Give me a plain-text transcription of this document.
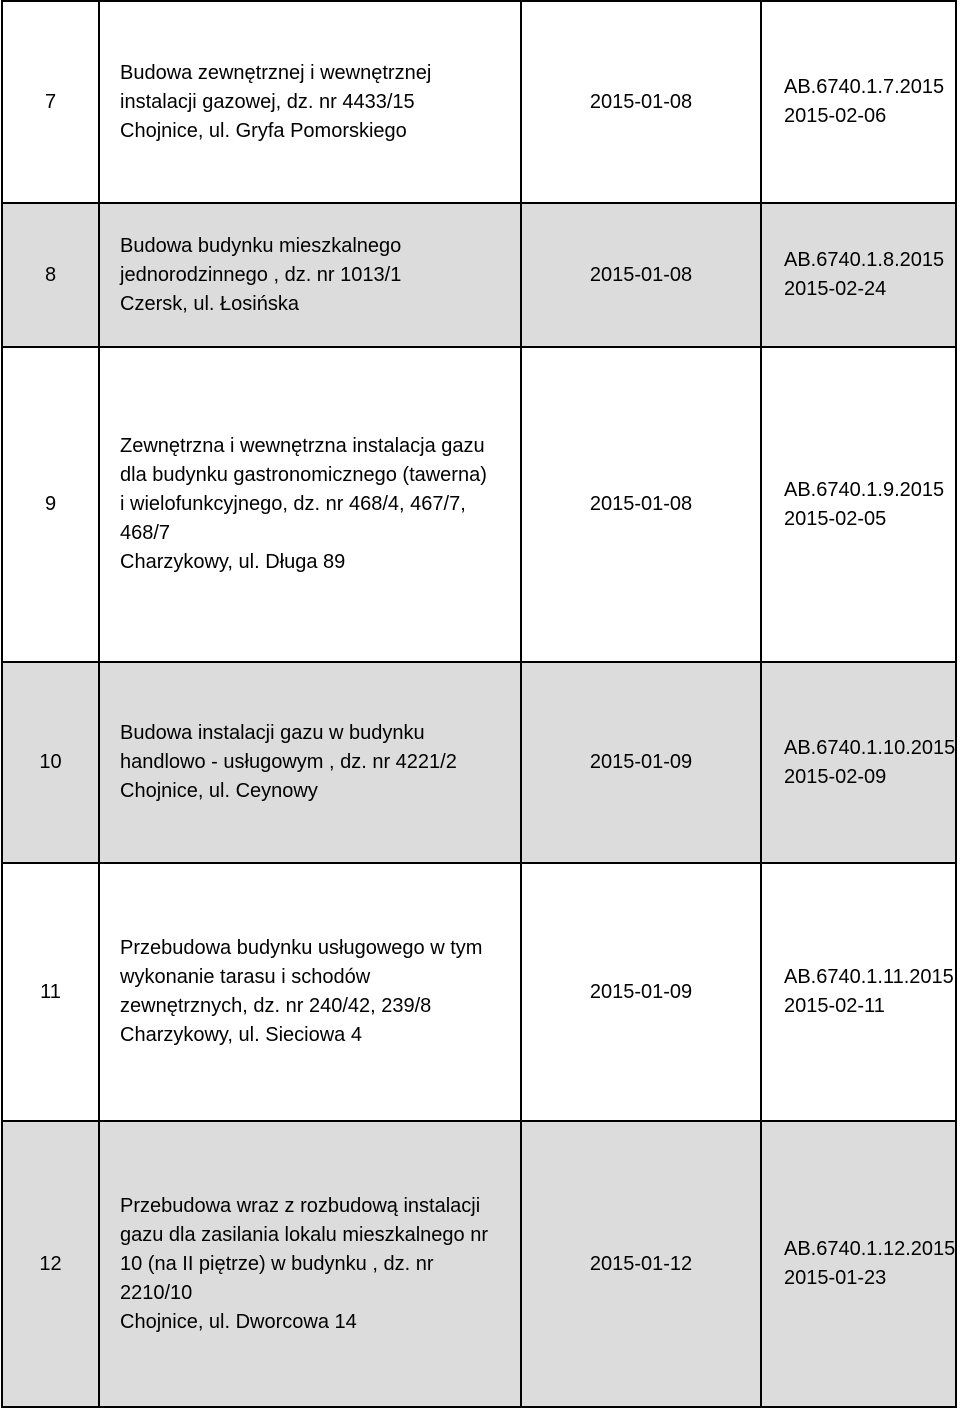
7	Budowa zewnętrznej i wewnętrznej
instalacji gazowej, dz. nr 4433/15
Chojnice, ul. Gryfa Pomorskiego	2015-01-08	AB.6740.1.7.2015
2015-02-06

8	Budowa budynku mieszkalnego
jednorodzinnego , dz. nr 1013/1
Czersk, ul. Łosińska	2015-01-08	AB.6740.1.8.2015
2015-02-24

9	Zewnętrzna i wewnętrzna instalacja gazu
dla budynku gastronomicznego (tawerna)
i wielofunkcyjnego, dz. nr 468/4, 467/7,
468/7
Charzykowy, ul. Długa 89	2015-01-08	AB.6740.1.9.2015
2015-02-05

10	Budowa instalacji gazu w budynku
handlowo - usługowym , dz. nr 4221/2
Chojnice, ul. Ceynowy	2015-01-09	AB.6740.1.10.2015
2015-02-09

11	Przebudowa budynku usługowego w tym
wykonanie tarasu i schodów
zewnętrznych, dz. nr 240/42, 239/8
Charzykowy, ul. Sieciowa 4	2015-01-09	AB.6740.1.11.2015
2015-02-11

12	Przebudowa wraz z rozbudową instalacji
gazu dla zasilania lokalu mieszkalnego nr
10 (na II piętrze) w budynku , dz. nr
2210/10
Chojnice, ul. Dworcowa 14	2015-01-12	AB.6740.1.12.2015
2015-01-23
